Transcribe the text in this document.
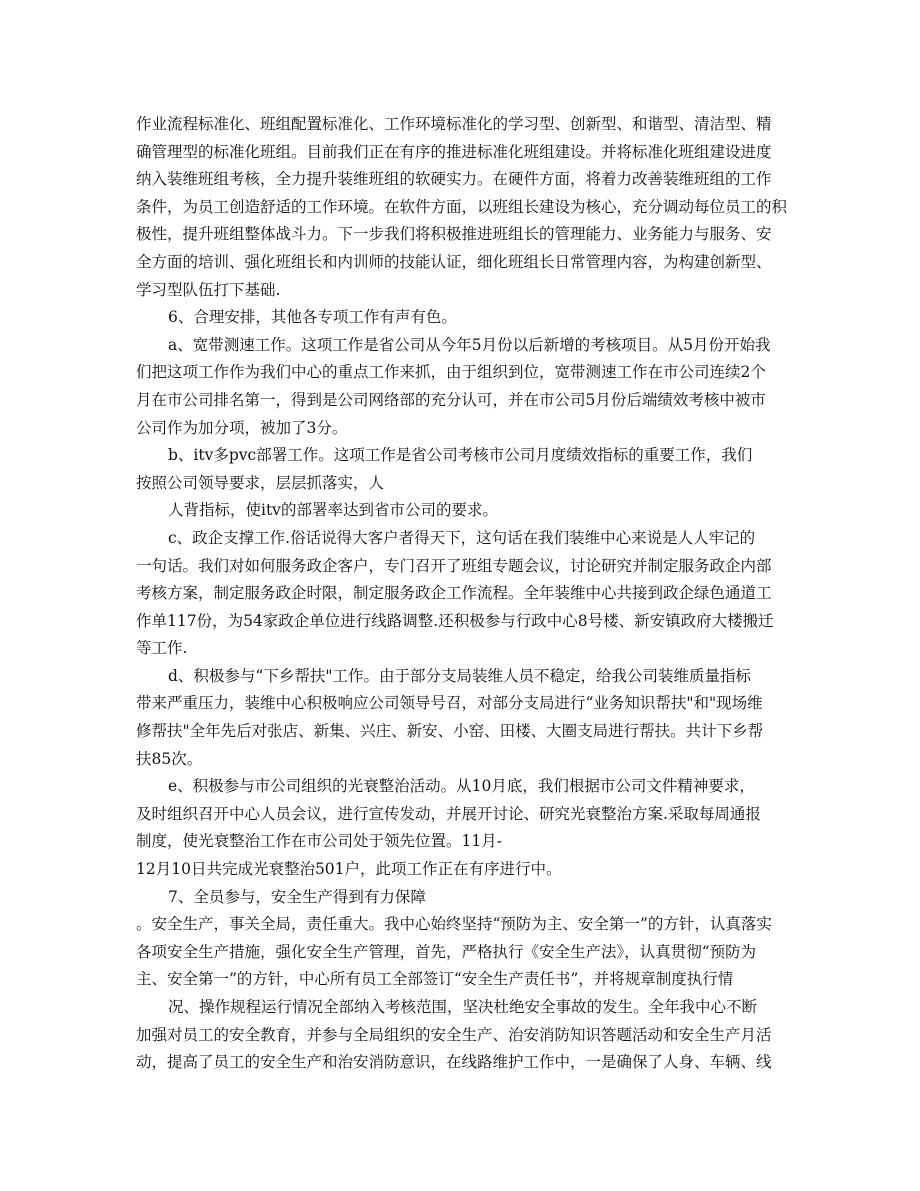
作业流程标准化、班组配置标准化、工作环境标准化的学习型、创新型、和谐型、清洁型、精
确管理型的标准化班组。目前我们正在有序的推进标准化班组建设。并将标准化班组建设进度
纳入装维班组考核，全力提升装维班组的软硬实力。在硬件方面，将着力改善装维班组的工作
条件，为员工创造舒适的工作环境。在软件方面，以班组长建设为核心，充分调动每位员工的积
极性，提升班组整体战斗力。下一步我们将积极推进班组长的管理能力、业务能力与服务、安
全方面的培训、强化班组长和内训师的技能认证，细化班组长日常管理内容，为构建创新型、
学习型队伍打下基础.
6、合理安排，其他各专项工作有声有色。
a、宽带测速工作。这项工作是省公司从今年5月份以后新增的考核项目。从5月份开始我
们把这项工作作为我们中心的重点工作来抓，由于组织到位，宽带测速工作在市公司连续2个
月在市公司排名第一，得到是公司网络部的充分认可，并在市公司5月份后端绩效考核中被市
公司作为加分项，被加了3分。
b、itv多pvc部署工作。这项工作是省公司考核市公司月度绩效指标的重要工作，我们
按照公司领导要求，层层抓落实，人
人背指标，使itv的部署率达到省市公司的要求。
c、政企支撑工作.俗话说得大客户者得天下，这句话在我们装维中心来说是人人牢记的
一句话。我们对如何服务政企客户，专门召开了班组专题会议，讨论研究并制定服务政企内部
考核方案，制定服务政企时限，制定服务政企工作流程。全年装维中心共接到政企绿色通道工
作单117份，为54家政企单位进行线路调整.还积极参与行政中心8号楼、新安镇政府大楼搬迁
等工作.
d、积极参与“下乡帮扶"工作。由于部分支局装维人员不稳定，给我公司装维质量指标
带来严重压力，装维中心积极响应公司领导号召，对部分支局进行“业务知识帮扶"和"现场维
修帮扶"全年先后对张店、新集、兴庄、新安、小窑、田楼、大圈支局进行帮扶。共计下乡帮
扶85次。
e、积极参与市公司组织的光衰整治活动。从10月底，我们根据市公司文件精神要求，
及时组织召开中心人员会议，进行宣传发动，并展开讨论、研究光衰整治方案.采取每周通报
制度，使光衰整治工作在市公司处于领先位置。11月-
12月10日共完成光衰整治501户，此项工作正在有序进行中。
7、全员参与，安全生产得到有力保障
。安全生产，事关全局，责任重大。我中心始终坚持“预防为主、安全第一”的方针，认真落实
各项安全生产措施，强化安全生产管理，首先，严格执行《安全生产法》，认真贯彻“预防为
主、安全第一”的方针，中心所有员工全部签订“安全生产责任书”，并将规章制度执行情
况、操作规程运行情况全部纳入考核范围，坚决杜绝安全事故的发生。全年我中心不断
加强对员工的安全教育，并参与全局组织的安全生产、治安消防知识答题活动和安全生产月活
动，提高了员工的安全生产和治安消防意识，在线路维护工作中，一是确保了人身、车辆、线
